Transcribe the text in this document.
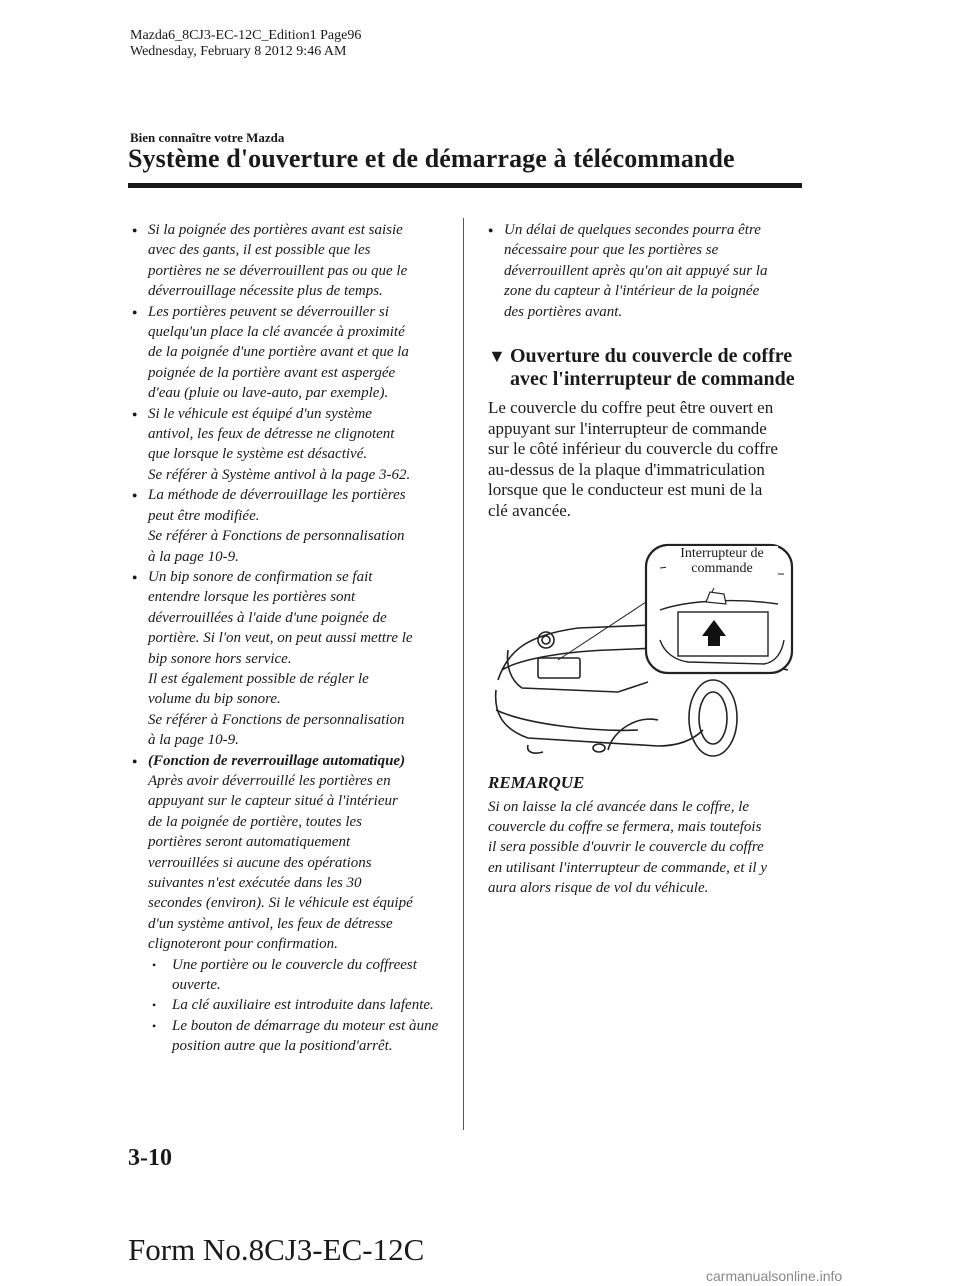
Mazda6_8CJ3-EC-12C_Edition1 Page96
Wednesday, February 8 2012 9:46 AM
Bien connaître votre Mazda
Système d'ouverture et de démarrage à télécommande
● Si la poignée des portières avant est saisie
avec des gants, il est possible que les
portières ne se déverrouillent pas ou que le
déverrouillage nécessite plus de temps.
● Les portières peuvent se déverrouiller si
quelqu'un place la clé avancée à proximité
de la poignée d'une portière avant et que la
poignée de la portière avant est aspergée
d'eau (pluie ou lave-auto, par exemple).
● Si le véhicule est équipé d'un système
antivol, les feux de détresse ne clignotent
que lorsque le système est désactivé.
Se référer à Système antivol à la page 3-62.
● La méthode de déverrouillage les portières
peut être modifiée.
Se référer à Fonctions de personnalisation
à la page 10-9.
● Un bip sonore de confirmation se fait
entendre lorsque les portières sont
déverrouillées à l'aide d'une poignée de
portière. Si l'on veut, on peut aussi mettre le
bip sonore hors service.
Il est également possible de régler le
volume du bip sonore.
Se référer à Fonctions de personnalisation
à la page 10-9.
● (Fonction de reverrouillage automatique)
Après avoir déverrouillé les portières en
appuyant sur le capteur situé à l'intérieur
de la poignée de portière, toutes les
portières seront automatiquement
verrouillées si aucune des opérations
suivantes n'est exécutée dans les 30
secondes (environ). Si le véhicule est équipé
d'un système antivol, les feux de détresse
clignoteront pour confirmation.
• Une portière ou le couvercle du coffreest ouverte.
• La clé auxiliaire est introduite dans lafente.
• Le bouton de démarrage du moteur est àune position autre que la positiond'arrêt.
● Un délai de quelques secondes pourra être
nécessaire pour que les portières se
déverrouillent après qu'on ait appuyé sur la
zone du capteur à l'intérieur de la poignée
des portières avant.
▼ Ouverture du couvercle de coffre
avec l'interrupteur de commande
Le couvercle du coffre peut être ouvert en
appuyant sur l'interrupteur de commande
sur le côté inférieur du couvercle du coffre
au-dessus de la plaque d'immatriculation
lorsque que le conducteur est muni de la
clé avancée.
Interrupteur de
commande
REMARQUE
Si on laisse la clé avancée dans le coffre, le
couvercle du coffre se fermera, mais toutefois
il sera possible d'ouvrir le couvercle du coffre
en utilisant l'interrupteur de commande, et il y
aura alors risque de vol du véhicule.
3-10
Form No.8CJ3-EC-12C
carmanualsonline.info
